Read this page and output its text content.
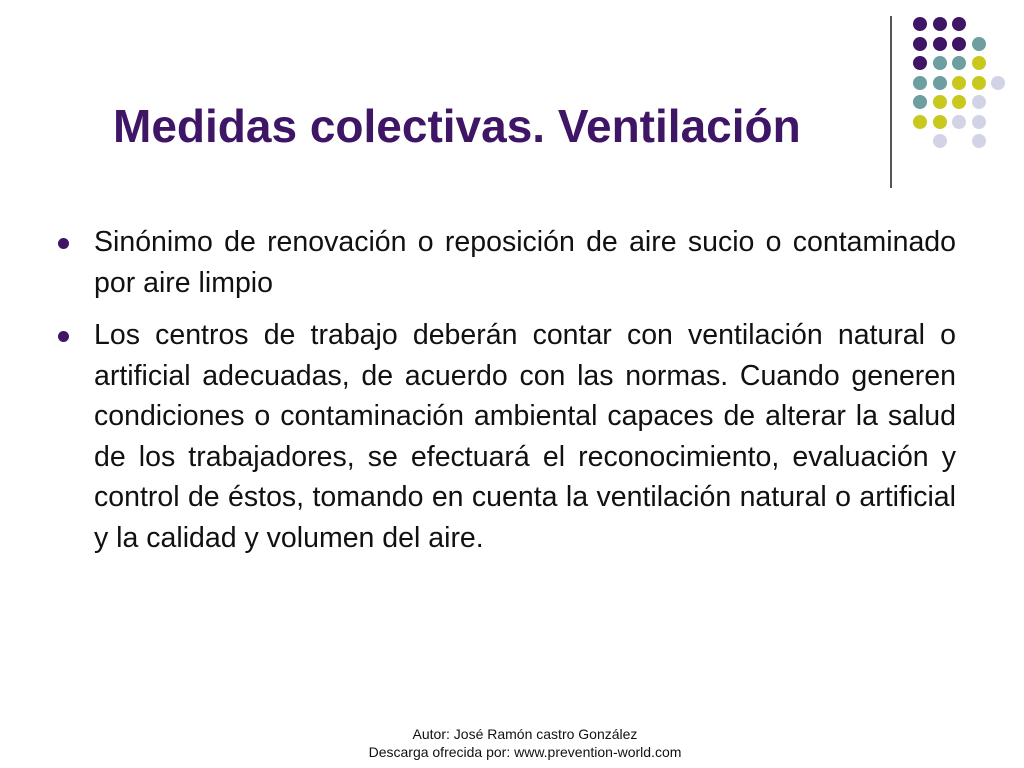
Medidas colectivas. Ventilación
Sinónimo de renovación o reposición de aire sucio o contaminado por aire limpio
Los centros de trabajo deberán contar con ventilación natural o artificial adecuadas, de acuerdo con las normas. Cuando generen condiciones o contaminación ambiental capaces de alterar la salud de los trabajadores, se efectuará el reconocimiento, evaluación y control de éstos, tomando en cuenta la ventilación natural o artificial y la calidad y volumen del aire.
Autor: José Ramón castro González
Descarga ofrecida por: www.prevention-world.com
